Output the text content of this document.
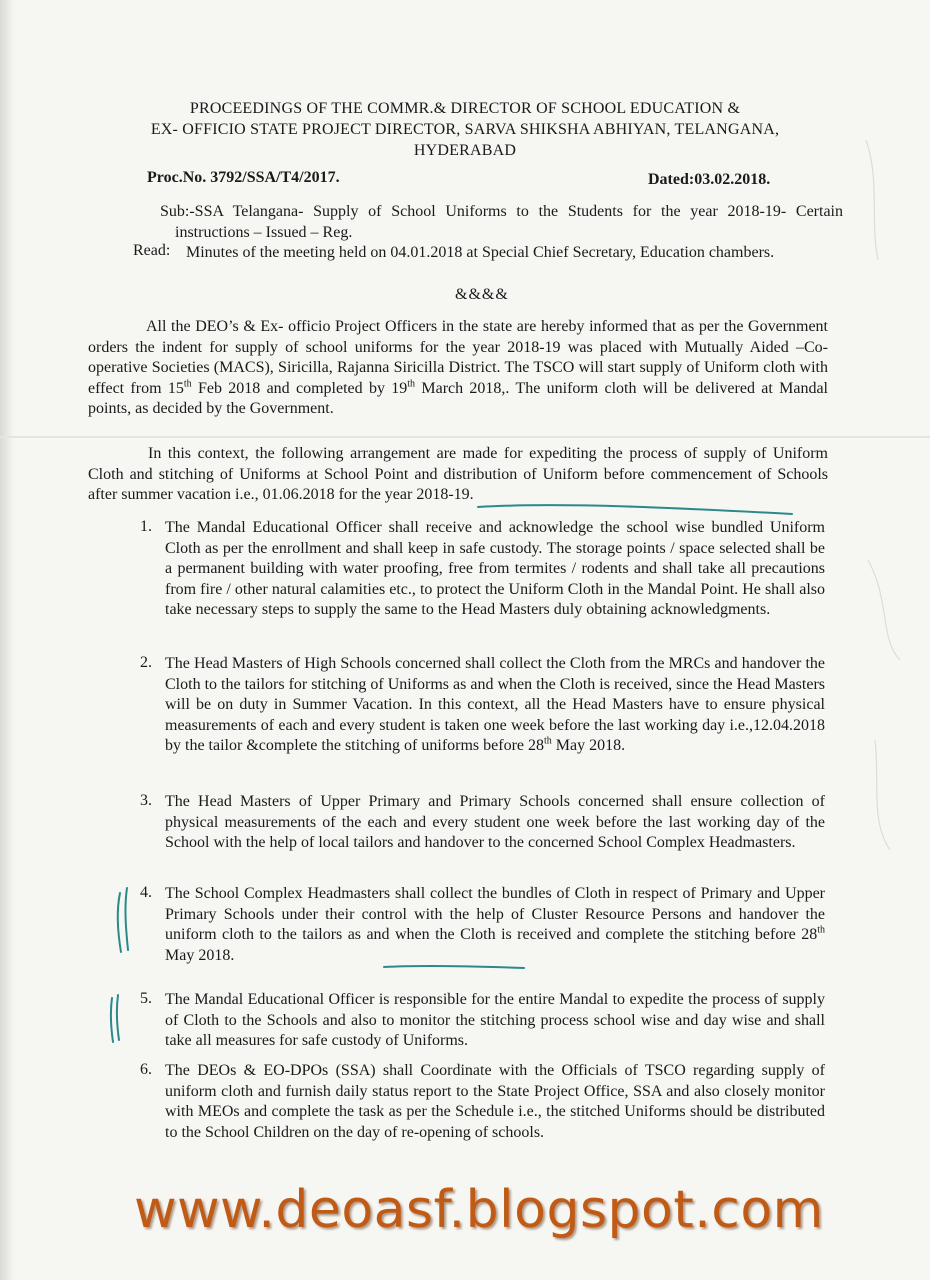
PROCEEDINGS OF THE COMMR.& DIRECTOR OF SCHOOL EDUCATION &
EX- OFFICIO STATE PROJECT DIRECTOR, SARVA SHIKSHA ABHIYAN, TELANGANA,
HYDERABAD
Proc.No. 3792/SSA/T4/2017.	Dated:03.02.2018.
Sub:-SSA Telangana- Supply of School Uniforms to the Students for the year 2018-19- Certain instructions – Issued – Reg.
Read: Minutes of the meeting held on 04.01.2018 at Special Chief Secretary, Education chambers.
&&&&
All the DEO’s & Ex- officio Project Officers in the state are hereby informed that as per the Government orders the indent for supply of school uniforms for the year 2018-19 was placed with Mutually Aided –Co-operative Societies (MACS), Siricilla, Rajanna Siricilla District. The TSCO will start supply of Uniform cloth with effect from 15th Feb 2018 and completed by 19th March 2018,. The uniform cloth will be delivered at Mandal points, as decided by the Government.
In this context, the following arrangement are made for expediting the process of supply of Uniform Cloth and stitching of Uniforms at School Point and distribution of Uniform before commencement of Schools after summer vacation i.e., 01.06.2018 for the year 2018-19.
1. The Mandal Educational Officer shall receive and acknowledge the school wise bundled Uniform Cloth as per the enrollment and shall keep in safe custody. The storage points / space selected shall be a permanent building with water proofing, free from termites / rodents and shall take all precautions from fire / other natural calamities etc., to protect the Uniform Cloth in the Mandal Point. He shall also take necessary steps to supply the same to the Head Masters duly obtaining acknowledgments.
2. The Head Masters of High Schools concerned shall collect the Cloth from the MRCs and handover the Cloth to the tailors for stitching of Uniforms as and when the Cloth is received, since the Head Masters will be on duty in Summer Vacation. In this context, all the Head Masters have to ensure physical measurements of each and every student is taken one week before the last working day i.e.,12.04.2018 by the tailor &complete the stitching of uniforms before 28th May 2018.
3. The Head Masters of Upper Primary and Primary Schools concerned shall ensure collection of physical measurements of the each and every student one week before the last working day of the School with the help of local tailors and handover to the concerned School Complex Headmasters.
4. The School Complex Headmasters shall collect the bundles of Cloth in respect of Primary and Upper Primary Schools under their control with the help of Cluster Resource Persons and handover the uniform cloth to the tailors as and when the Cloth is received and complete the stitching before 28th May 2018.
5. The Mandal Educational Officer is responsible for the entire Mandal to expedite the process of supply of Cloth to the Schools and also to monitor the stitching process school wise and day wise and shall take all measures for safe custody of Uniforms.
6. The DEOs & EO-DPOs (SSA) shall Coordinate with the Officials of TSCO regarding supply of uniform cloth and furnish daily status report to the State Project Office, SSA and also closely monitor with MEOs and complete the task as per the Schedule i.e., the stitched Uniforms should be distributed to the School Children on the day of re-opening of schools.
www.deoasf.blogspot.com
